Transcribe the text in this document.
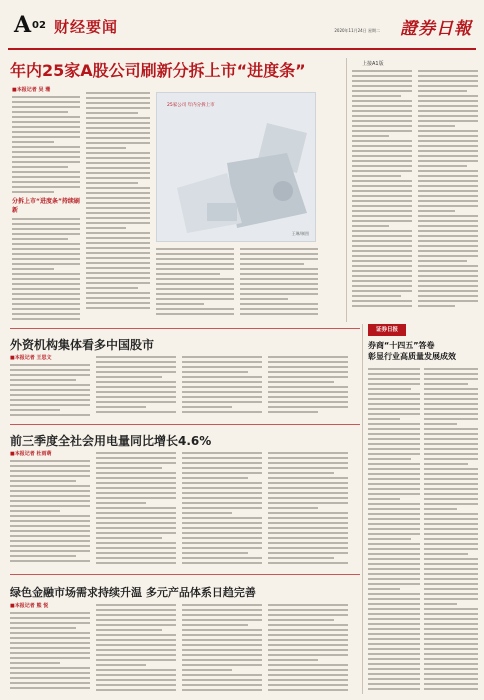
A 02 财经要闻	2020年11月24日 星期二 證券日報
年内25家A股公司刷新分拆上市“进度条”
■本报记者 吴 珊
分拆上市“进度条”持续刷新
25家公司 年内分拆上市
王琳/制图
上接A1版
外资机构集体看多中国股市
■本报记者 王思文
前三季度全社会用电量同比增长4.6%
■本报记者 杜雨萌
绿色金融市场需求持续升温 多元产品体系日趋完善
■本报记者 熊 悦
证券日报
券商“十四五”答卷
彰显行业高质量发展成效
